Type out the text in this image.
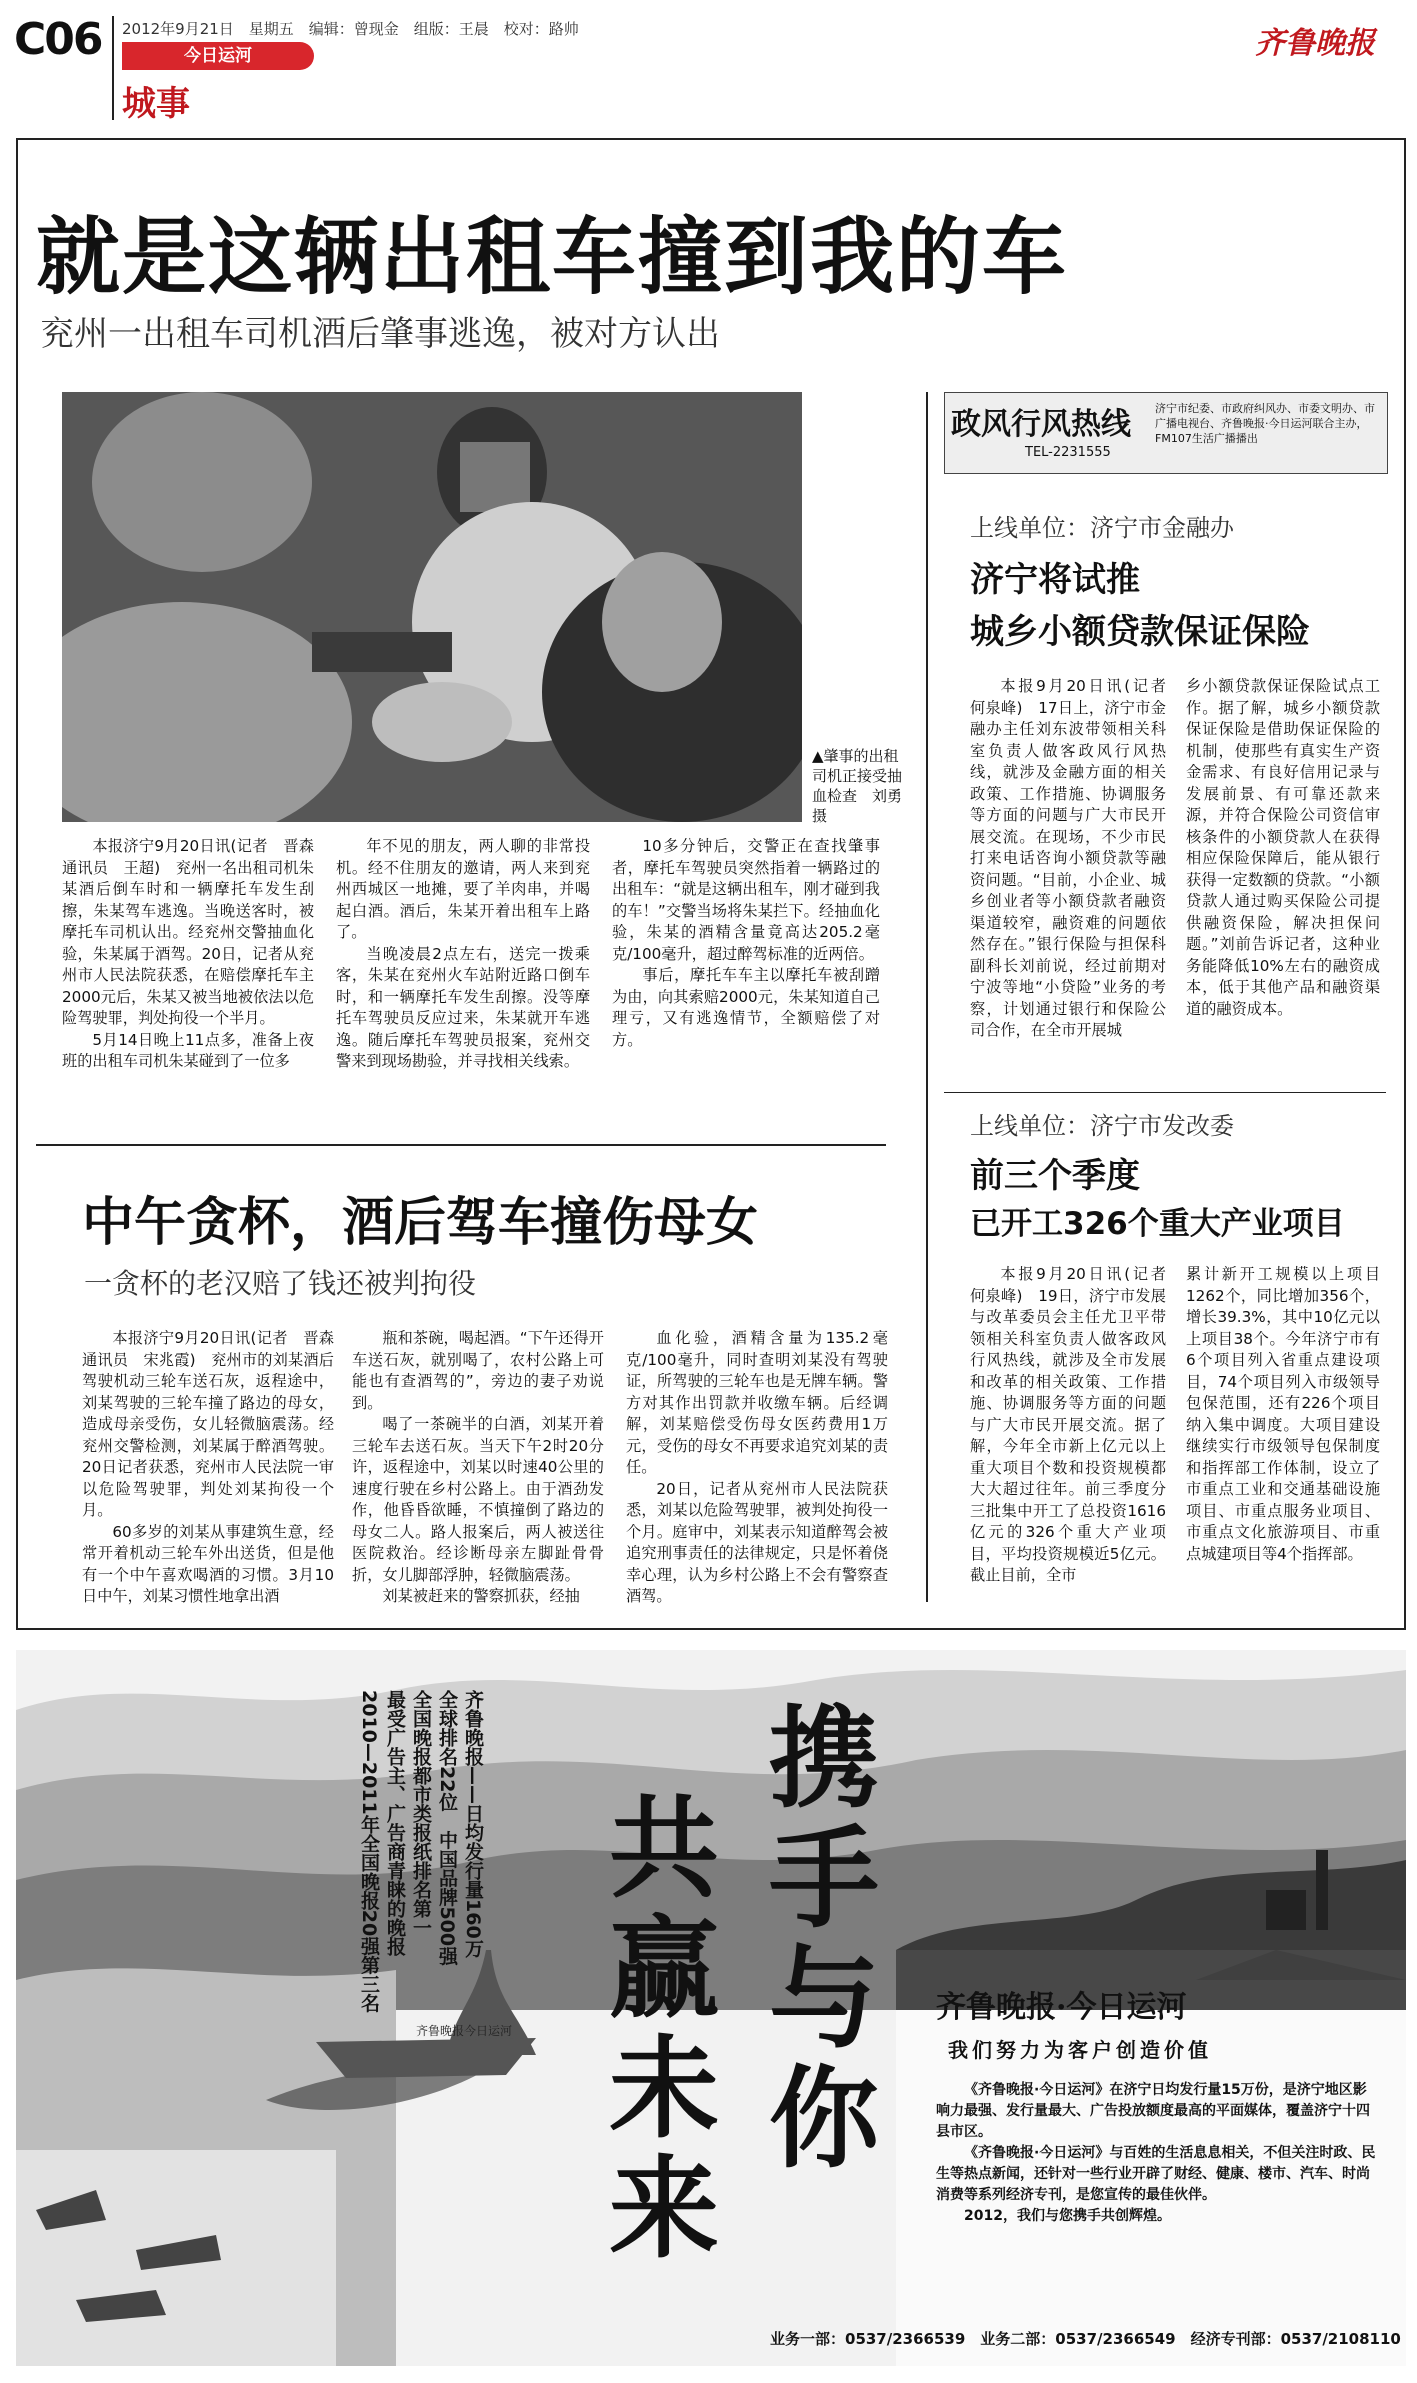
C06 2012年9月21日　星期五　编辑：曾现金　组版：王晨　校对：路帅
今日运河
城事
齐鲁晚报
就是这辆出租车撞到我的车
兖州一出租车司机酒后肇事逃逸，被对方认出
▲肇事的出租司机正接受抽血检查　刘勇　摄

本报济宁9月20日讯(记者　晋森　通讯员　王超)　兖州一名出租司机朱某酒后倒车时和一辆摩托车发生刮擦，朱某驾车逃逸。当晚送客时，被摩托车司机认出。经兖州交警抽血化验，朱某属于酒驾。20日，记者从兖州市人民法院获悉，在赔偿摩托车主2000元后，朱某又被当地被依法以危险驾驶罪，判处拘役一个半月。

5月14日晚上11点多，准备上夜班的出租车司机朱某碰到了一位多

年不见的朋友，两人聊的非常投机。经不住朋友的邀请，两人来到兖州西城区一地摊，要了羊肉串，并喝起白酒。酒后，朱某开着出租车上路了。

当晚凌晨2点左右，送完一拨乘客，朱某在兖州火车站附近路口倒车时，和一辆摩托车发生刮擦。没等摩托车驾驶员反应过来，朱某就开车逃逸。随后摩托车驾驶员报案，兖州交警来到现场勘验，并寻找相关线索。

10多分钟后，交警正在查找肇事者，摩托车驾驶员突然指着一辆路过的出租车：“就是这辆出租车，刚才碰到我的车！”交警当场将朱某拦下。经抽血化验，朱某的酒精含量竟高达205.2毫克/100毫升，超过醉驾标准的近两倍。

事后，摩托车车主以摩托车被刮蹭为由，向其索赔2000元，朱某知道自己理亏，又有逃逸情节，全额赔偿了对方。

中午贪杯，酒后驾车撞伤母女
一贪杯的老汉赔了钱还被判拘役

本报济宁9月20日讯(记者　晋森　通讯员　宋兆霞)　兖州市的刘某酒后驾驶机动三轮车送石灰，返程途中，刘某驾驶的三轮车撞了路边的母女，造成母亲受伤，女儿轻微脑震荡。经兖州交警检测，刘某属于醉酒驾驶。20日记者获悉，兖州市人民法院一审以危险驾驶罪，判处刘某拘役一个月。

60多岁的刘某从事建筑生意，经常开着机动三轮车外出送货，但是他有一个中午喜欢喝酒的习惯。3月10日中午，刘某习惯性地拿出酒

瓶和茶碗，喝起酒。“下午还得开车送石灰，就别喝了，农村公路上可能也有查酒驾的”，旁边的妻子劝说到。

喝了一茶碗半的白酒，刘某开着三轮车去送石灰。当天下午2时20分许，返程途中，刘某以时速40公里的速度行驶在乡村公路上。由于酒劲发作，他昏昏欲睡，不慎撞倒了路边的母女二人。路人报案后，两人被送往医院救治。经诊断母亲左脚趾骨骨折，女儿脚部浮肿，轻微脑震荡。

刘某被赶来的警察抓获，经抽

血化验，酒精含量为135.2毫克/100毫升，同时查明刘某没有驾驶证，所驾驶的三轮车也是无牌车辆。警方对其作出罚款并收缴车辆。后经调解，刘某赔偿受伤母女医药费用1万元，受伤的母女不再要求追究刘某的责任。

20日，记者从兖州市人民法院获悉，刘某以危险驾驶罪，被判处拘役一个月。庭审中，刘某表示知道醉驾会被追究刑事责任的法律规定，只是怀着侥幸心理，认为乡村公路上不会有警察查酒驾。

政风行风热线
TEL-2231555
济宁市纪委、市政府纠风办、市委文明办、市广播电视台、齐鲁晚报·今日运河联合主办，FM107生活广播播出
上线单位：济宁市金融办
济宁将试推
城乡小额贷款保证保险
本报9月20日讯(记者　何泉峰)　17日上，济宁市金融办主任刘东波带领相关科室负责人做客政风行风热线，就涉及金融方面的相关政策、工作措施、协调服务等方面的问题与广大市民开展交流。在现场，不少市民打来电话咨询小额贷款等融资问题。“目前，小企业、城乡创业者等小额贷款者融资渠道较窄，融资难的问题依然存在。”银行保险与担保科副科长刘前说，经过前期对宁波等地“小贷险”业务的考察，计划通过银行和保险公司合作，在全市开展城
乡小额贷款保证保险试点工作。据了解，城乡小额贷款保证保险是借助保证保险的机制，使那些有真实生产资金需求、有良好信用记录与发展前景、有可靠还款来源，并符合保险公司资信审核条件的小额贷款人在获得相应保险保障后，能从银行获得一定数额的贷款。“小额贷款人通过购买保险公司提供融资保险，解决担保问题。”刘前告诉记者，这种业务能降低10%左右的融资成本，低于其他产品和融资渠道的融资成本。
上线单位：济宁市发改委
前三个季度
已开工326个重大产业项目
本报9月20日讯(记者　何泉峰)　19日，济宁市发展与改革委员会主任尤卫平带领相关科室负责人做客政风行风热线，就涉及全市发展和改革的相关政策、工作措施、协调服务等方面的问题与广大市民开展交流。据了解，今年全市新上亿元以上重大项目个数和投资规模都大大超过往年。前三季度分三批集中开工了总投资1616亿元的326个重大产业项目，平均投资规模近5亿元。截止目前，全市
累计新开工规模以上项目1262个，同比增加356个，增长39.3%，其中10亿元以上项目38个。今年济宁市有6个项目列入省重点建设项目，74个项目列入市级领导包保范围，还有226个项目纳入集中调度。大项目建设继续实行市级领导包保制度和指挥部工作体制，设立了市重点工业和交通基础设施项目、市重点服务业项目、市重点文化旅游项目、市重点城建项目等4个指挥部。
携手与你
共赢未来
齐鲁晚报——日均发行量160万
全球排名22位　中国品牌500强
全国晚报都市类报纸排名第一
最受广告主、广告商青睐的晚报
2010—2011年全国晚报20强第三名
齐鲁晚报今日运河
齐鲁晚报·今日运河
我们努力为客户创造价值
《齐鲁晚报·今日运河》在济宁日均发行量15万份，是济宁地区影响力最强、发行量最大、广告投放额度最高的平面媒体，覆盖济宁十四县市区。
《齐鲁晚报·今日运河》与百姓的生活息息相关，不但关注时政、民生等热点新闻，还针对一些行业开辟了财经、健康、楼市、汽车、时尚消费等系列经济专刊，是您宣传的最佳伙伴。
2012，我们与您携手共创辉煌。
业务一部：0537/2366539　业务二部：0537/2366549　经济专刊部：0537/2108110
